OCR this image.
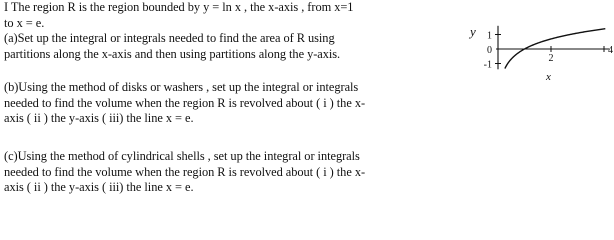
I The region R is the region bounded by y = ln x , the x-axis , from x=1
to x = e.
(a)Set up the integral or integrals needed to find the area of R using
partitions along the x-axis and then using partitions along the y-axis.
(b)Using the method of disks or washers , set up the integral or integrals
needed to find the volume when the region R is revolved about ( i ) the x-
axis ( ii ) the y-axis ( iii) the line x = e.
(c)Using the method of cylindrical shells , set up the integral or integrals
needed to find the volume when the region R is revolved about ( i ) the x-
axis ( ii ) the y-axis ( iii) the line x = e.
y
x
1
0
-1
2
4
